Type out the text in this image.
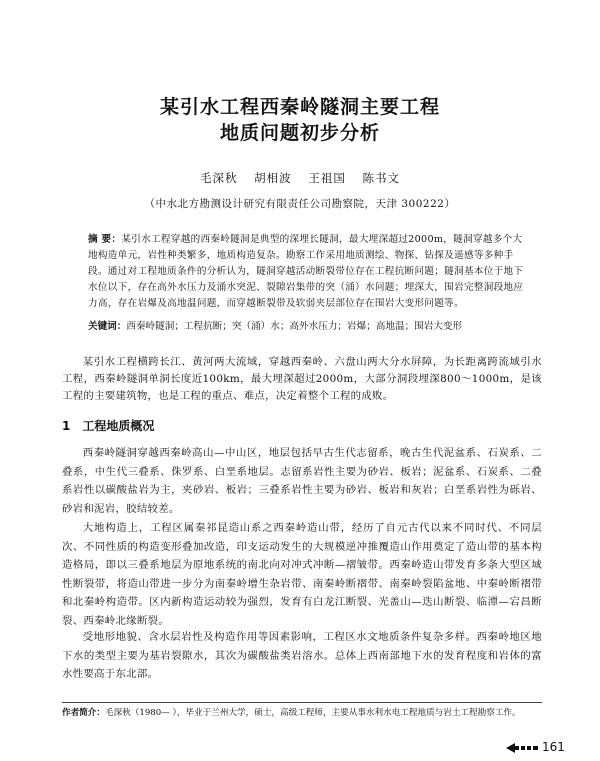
某引水工程西秦岭隧洞主要工程
地质问题初步分析
毛深秋 胡相波 王祖国 陈书文
（中水北方勘测设计研究有限责任公司勘察院，天津 300222）
摘 要：某引水工程穿越的西秦岭隧洞是典型的深埋长隧洞，最大埋深超过2000m，隧洞穿越多个大地构造单元，岩性种类繁多，地质构造复杂。勘察工作采用地质测绘、物探、钻探及遥感等多种手段。通过对工程地质条件的分析认为，隧洞穿越活动断裂带位存在工程抗断问题；隧洞基本位于地下水位以下，存在高外水压力及涌水突泥、裂隙岩集带的突（涌）水问题；埋深大，围岩完整洞段地应力高，存在岩爆及高地温问题，而穿越断裂带及软弱夹层部位存在围岩大变形问题等。
关键词：西秦岭隧洞；工程抗断；突（涌）水；高外水压力；岩爆；高地温；围岩大变形
某引水工程横跨长江、黄河两大流域，穿越西秦岭、六盘山两大分水屏障，为长距离跨流域引水工程，西秦岭隧洞单洞长度近100km，最大埋深超过2000m，大部分洞段埋深800～1000m，是该工程的主要建筑物，也是工程的重点、难点，决定着整个工程的成败。
1 工程地质概况
西秦岭隧洞穿越西秦岭高山—中山区，地层包括早古生代志留系，晚古生代泥盆系、石炭系、二叠系，中生代三叠系、侏罗系、白垩系地层。志留系岩性主要为砂岩、板岩；泥盆系、石炭系、二叠系岩性以碳酸盐岩为主，夹砂岩、板岩；三叠系岩性主要为砂岩、板岩和灰岩；白垩系岩性为砾岩、砂岩和泥岩，胶结较差。
大地构造上，工程区属秦祁昆造山系之西秦岭造山带，经历了自元古代以来不同时代、不同层次、不同性质的构造变形叠加改造，印支运动发生的大规模逆冲推覆造山作用奠定了造山带的基本构造格局，即以三叠系地层为原地系统的南北向对冲式冲断—褶皱带。西秦岭造山带发育多条大型区域性断裂带，将造山带进一步分为南秦岭增生杂岩带、南秦岭断褶带、南秦岭裂陷盆地、中秦岭断褶带和北秦岭构造带。区内新构造运动较为强烈，发育有白龙江断裂、光盖山—迭山断裂、临潭—宕昌断裂、西秦岭北缘断裂。
受地形地貌、含水层岩性及构造作用等因素影响，工程区水文地质条件复杂多样。西秦岭地区地下水的类型主要为基岩裂隙水，其次为碳酸盐类岩溶水。总体上西南部地下水的发育程度和岩体的富水性要高于东北部。
作者简介：毛深秋（1980— ），毕业于兰州大学，硕士，高级工程师，主要从事水利水电工程地质与岩土工程勘察工作。
161
